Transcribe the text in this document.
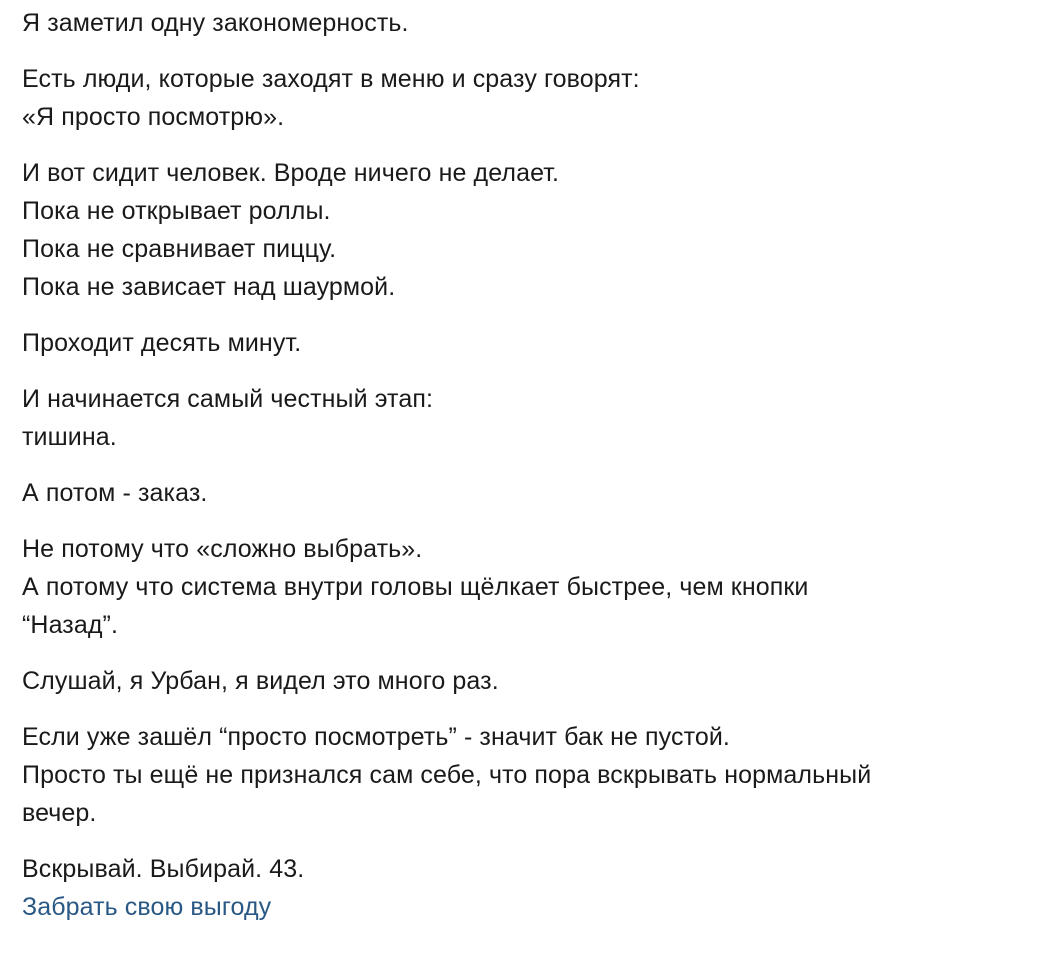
Я заметил одну закономерность.

Есть люди, которые заходят в меню и сразу говорят:
«Я просто посмотрю».

И вот сидит человек. Вроде ничего не делает.
Пока не открывает роллы.
Пока не сравнивает пиццу.
Пока не зависает над шаурмой.

Проходит десять минут.

И начинается самый честный этап:
тишина.

А потом - заказ.

Не потому что «сложно выбрать».
А потому что система внутри головы щёлкает быстрее, чем кнопки
“Назад”.

Слушай, я Урбан, я видел это много раз.

Если уже зашёл “просто посмотреть” - значит бак не пустой.
Просто ты ещё не признался сам себе, что пора вскрывать нормальный
вечер.

Вскрывай. Выбирай. 43.
Забрать свою выгоду
